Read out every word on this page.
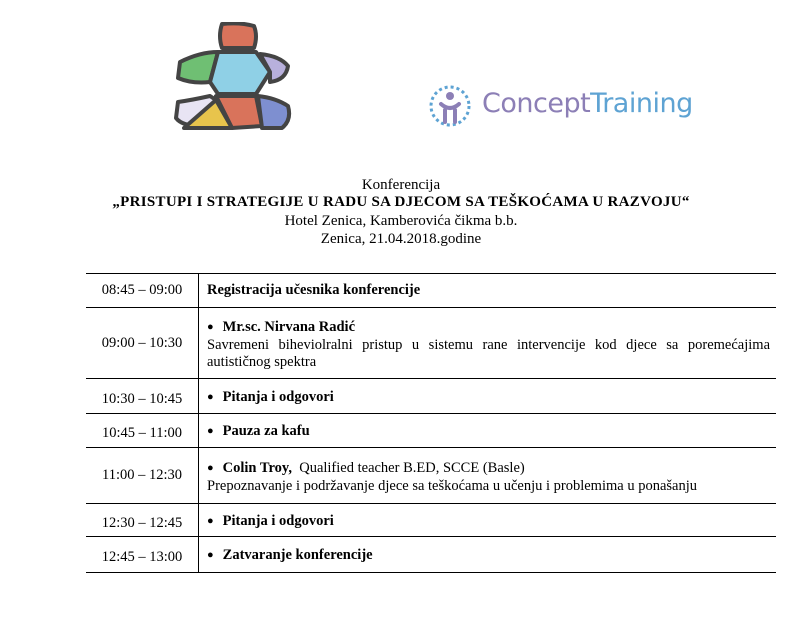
ConceptTraining
Konferencija
„PRISTUPI I STRATEGIJE U RADU SA DJECOM SA TEŠKOĆAMA U RAZVOJU“
Hotel Zenica, Kamberovića čikma b.b.
Zenica, 21.04.2018.godine
08:45 – 09:00	Registracija učesnika konferencije
09:00 – 10:30	● Mr.sc. Nirvana Radić
Savremeni biheviolralni pristup u sistemu rane intervencije kod djece sa poremećajima autističnog spektra

10:30 – 10:45	● Pitanja i odgovori
10:45 – 11:00	● Pauza za kafu
11:00 – 12:30	● Colin Troy, Qualified teacher B.ED, SCCE (Basle)
Prepoznavanje i podržavanje djece sa teškoćama u učenju i problemima u ponašanju

12:30 – 12:45	● Pitanja i odgovori
12:45 – 13:00	● Zatvaranje konferencije
